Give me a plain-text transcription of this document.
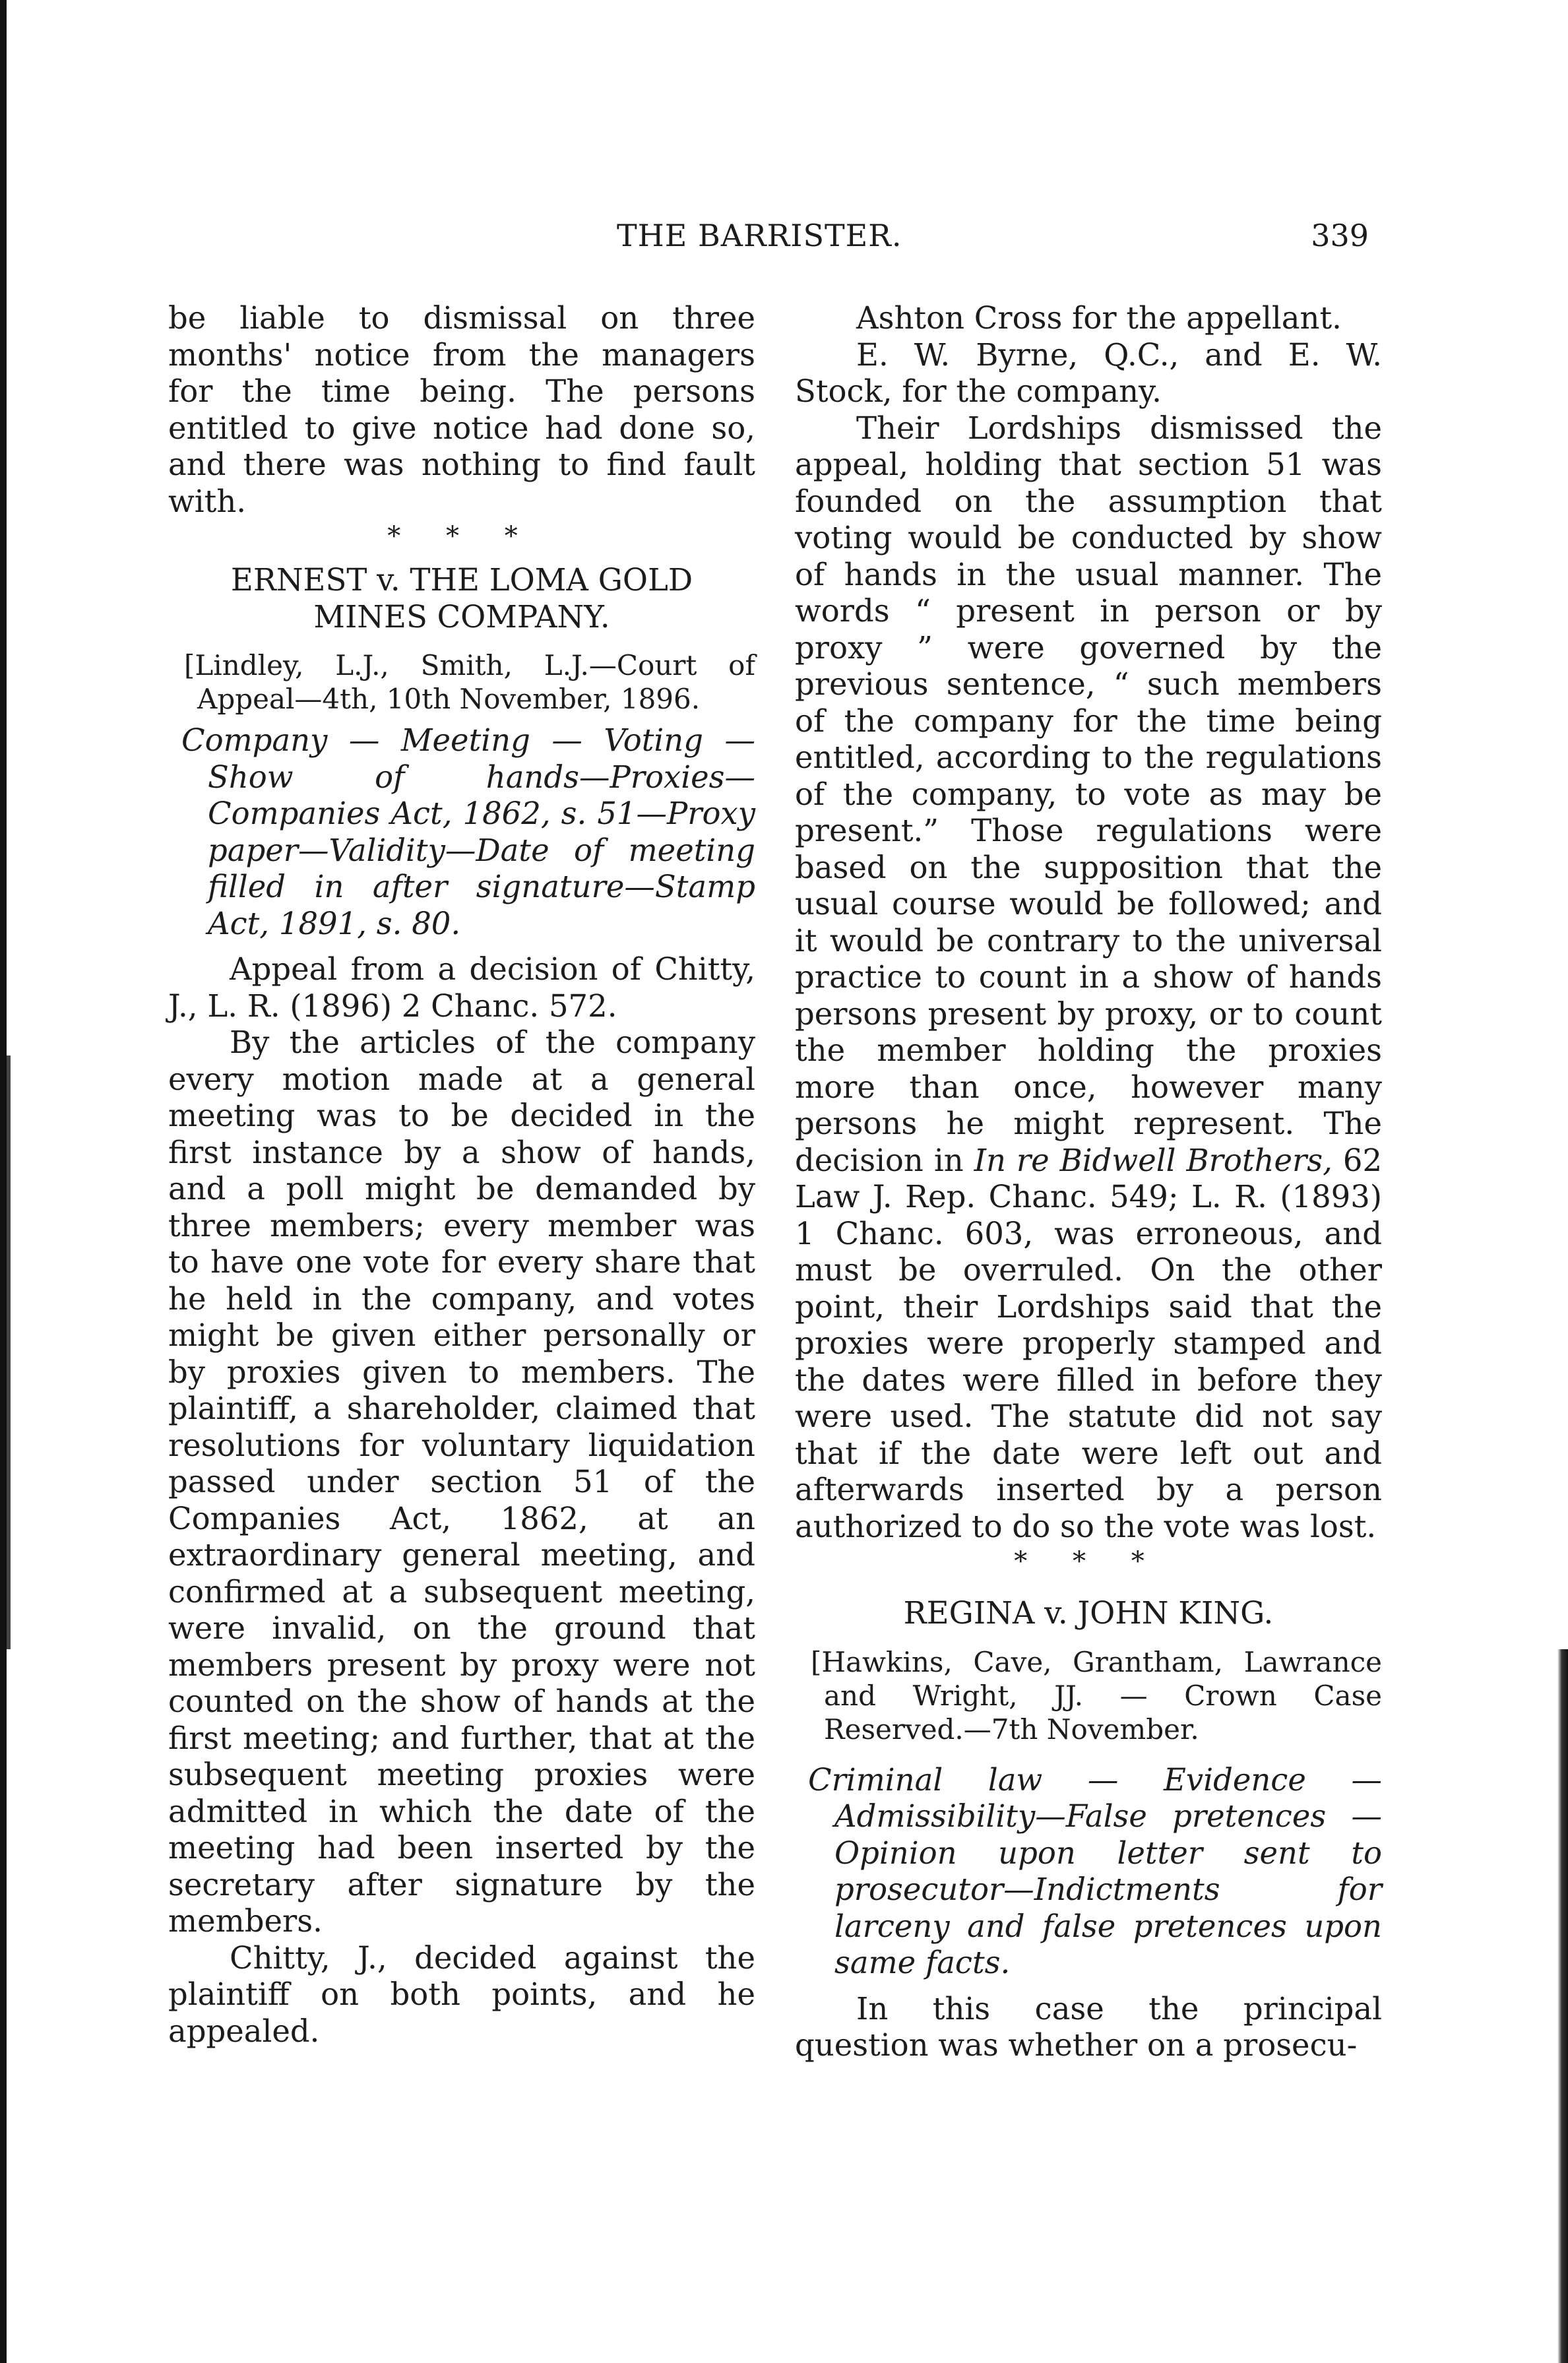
THE BARRISTER.	339

be liable to dismissal on three months' notice from the managers for the time being. The persons entitled to give notice had done so, and there was nothing to find fault with.

* * *

ERNEST v. THE LOMA GOLD

MINES COMPANY.

[Lindley, L.J., Smith, L.J.—Court of Appeal—4th, 10th November, 1896.

Company — Meeting — Voting — Show of hands—Proxies—Companies Act, 1862, s. 51—Proxy paper—Validity—Date of meeting filled in after signature—Stamp Act, 1891, s. 80.

Appeal from a decision of Chitty, J., L. R. (1896) 2 Chanc. 572.

By the articles of the company every motion made at a general meeting was to be decided in the first instance by a show of hands, and a poll might be demanded by three members; every member was to have one vote for every share that he held in the company, and votes might be given either personally or by proxies given to members. The plaintiff, a shareholder, claimed that resolutions for voluntary liquidation passed under section 51 of the Companies Act, 1862, at an extraordinary general meeting, and confirmed at a subsequent meeting, were invalid, on the ground that members present by proxy were not counted on the show of hands at the first meeting; and further, that at the subsequent meeting proxies were admitted in which the date of the meeting had been inserted by the secretary after signature by the members.

Chitty, J., decided against the plaintiff on both points, and he appealed.

Ashton Cross for the appellant.

E. W. Byrne, Q.C., and E. W. Stock, for the company.

Their Lordships dismissed the appeal, holding that section 51 was founded on the assumption that voting would be conducted by show of hands in the usual manner. The words “ present in person or by proxy ” were governed by the previous sentence, “ such members of the company for the time being entitled, according to the regulations of the company, to vote as may be present.” Those regulations were based on the supposition that the usual course would be followed; and it would be contrary to the universal practice to count in a show of hands persons present by proxy, or to count the member holding the proxies more than once, however many persons he might represent. The decision in In re Bidwell Brothers, 62 Law J. Rep. Chanc. 549; L. R. (1893) 1 Chanc. 603, was erroneous, and must be overruled. On the other point, their Lordships said that the proxies were properly stamped and the dates were filled in before they were used. The statute did not say that if the date were left out and afterwards inserted by a person authorized to do so the vote was lost.

* * *

REGINA v. JOHN KING.

[Hawkins, Cave, Grantham, Lawrance and Wright, JJ. — Crown Case Reserved.—7th November.

Criminal law — Evidence — Admissibility—False pretences — Opinion upon letter sent to prosecutor—Indictments for larceny and false pretences upon same facts.

In this case the principal question was whether on a prosecu-
